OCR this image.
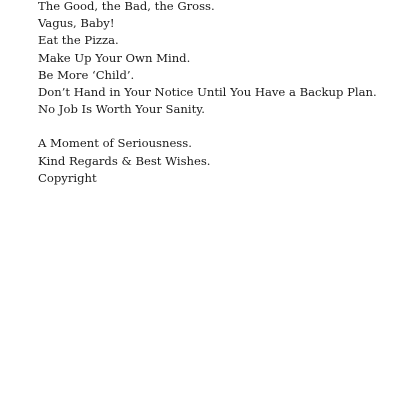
The Good, the Bad, the Gross.
Vagus, Baby!
Eat the Pizza.
Make Up Your Own Mind.
Be More ‘Child’.
Don’t Hand in Your Notice Until You Have a Backup Plan.
No Job Is Worth Your Sanity.
A Moment of Seriousness.
Kind Regards & Best Wishes.
Copyright
